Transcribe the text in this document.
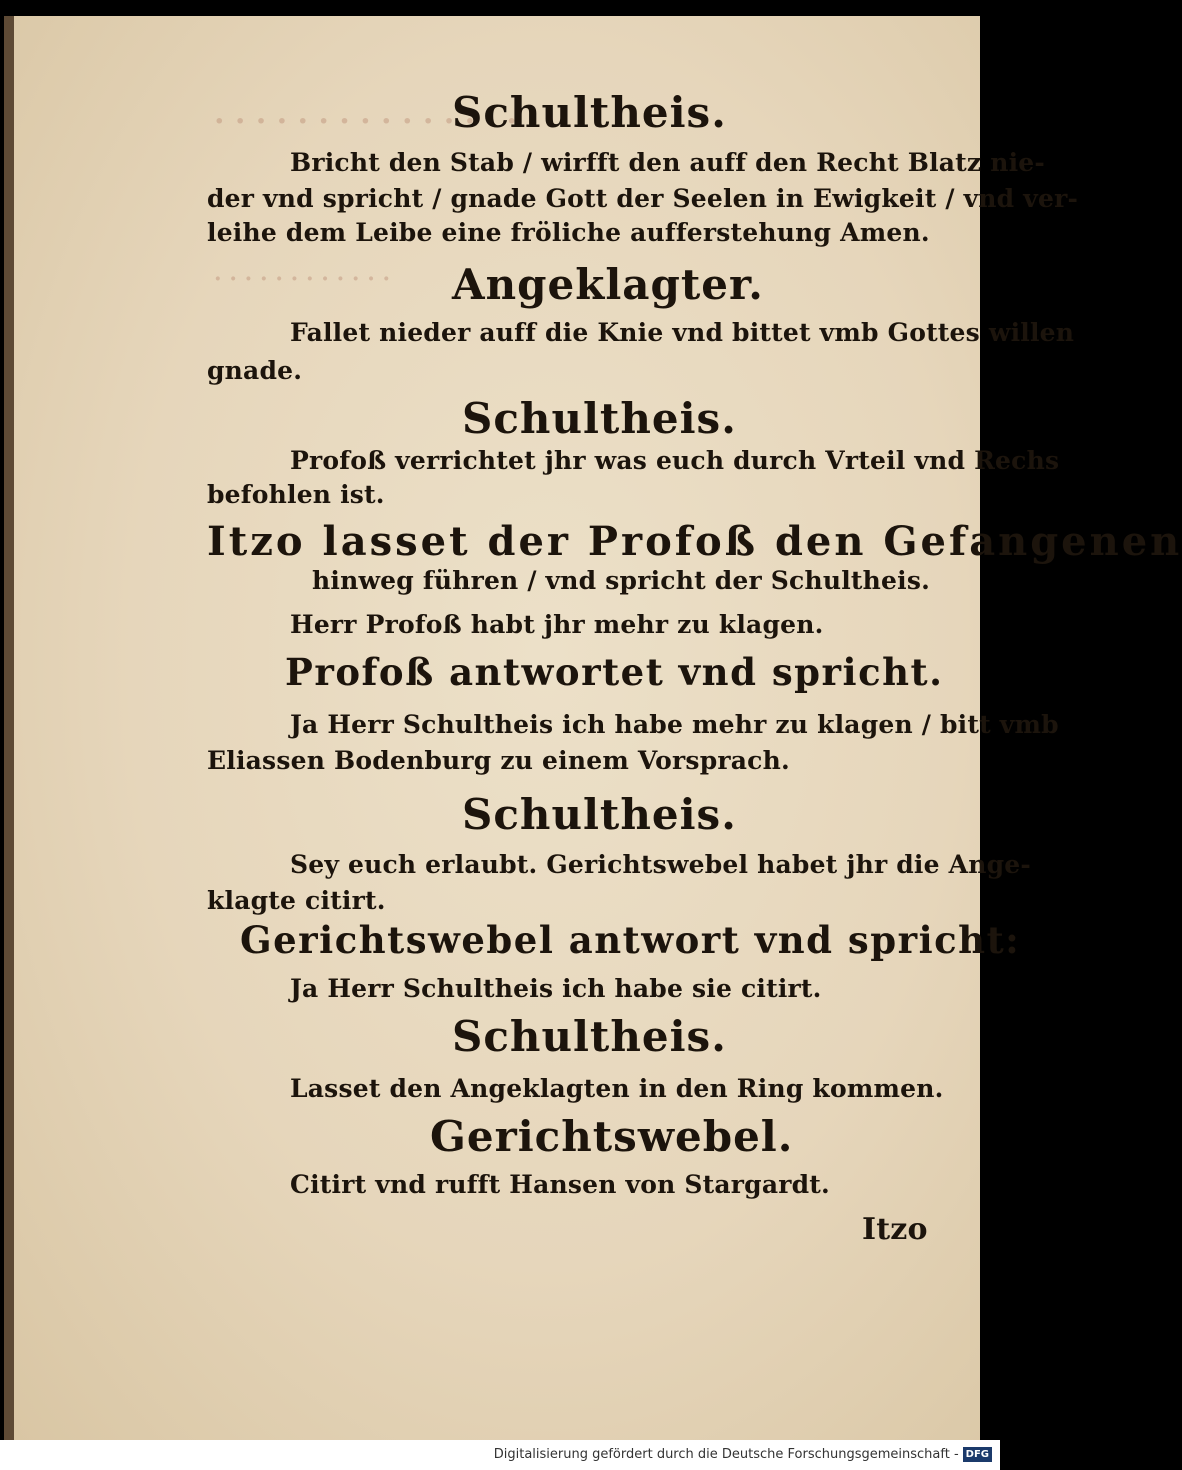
· · · · · · · · · · · · · · ·
· · · · · · · · · · · ·
Schultheis.
Bricht den Stab / wirfft den auff den Recht Blatz nie-
der vnd spricht / gnade Gott der Seelen in Ewigkeit / vnd ver-
leihe dem Leibe eine fröliche aufferstehung Amen.
Angeklagter.
Fallet nieder auff die Knie vnd bittet vmb Gottes willen
gnade.
Schultheis.
Profoß verrichtet jhr was euch durch Vrteil vnd Rechs
befohlen ist.
Itzo lasset der Profoß den Gefangenen
hinweg führen / vnd spricht der Schultheis.
Herr Profoß habt jhr mehr zu klagen.
Profoß antwortet vnd spricht.
Ja Herr Schultheis ich habe mehr zu klagen / bitt vmb
Eliassen Bodenburg zu einem Vorsprach.
Schultheis.
Sey euch erlaubt. Gerichtswebel habet jhr die Ange-
klagte citirt.
Gerichtswebel antwort vnd spricht:
Ja Herr Schultheis ich habe sie citirt.
Schultheis.
Lasset den Angeklagten in den Ring kommen.
Gerichtswebel.
Citirt vnd rufft Hansen von Stargardt.
Itzo
Digitalisierung gefördert durch die Deutsche Forschungsgemeinschaft - DFG
